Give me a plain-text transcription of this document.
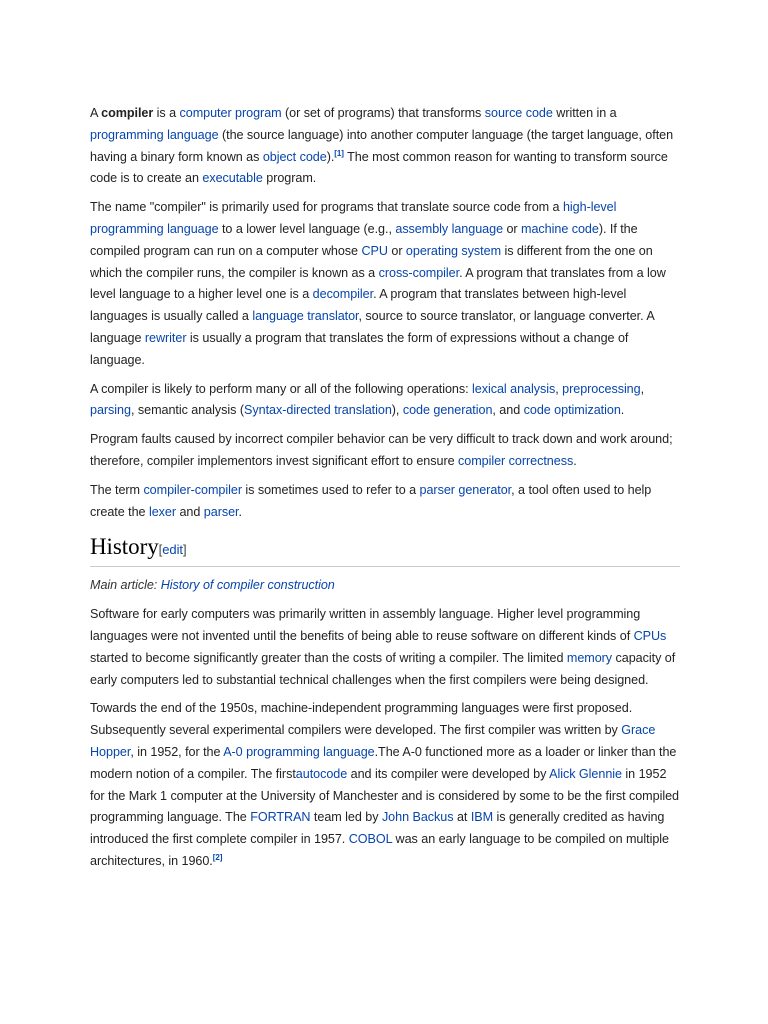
A compiler is a computer program (or set of programs) that transforms source code written in a programming language (the source language) into another computer language (the target language, often having a binary form known as object code).[1] The most common reason for wanting to transform source code is to create an executable program.

The name "compiler" is primarily used for programs that translate source code from a high-level programming language to a lower level language (e.g., assembly language or machine code). If the compiled program can run on a computer whose CPU or operating system is different from the one on which the compiler runs, the compiler is known as a cross-compiler. A program that translates from a low level language to a higher level one is a decompiler. A program that translates between high-level languages is usually called a language translator, source to source translator, or language converter. A language rewriter is usually a program that translates the form of expressions without a change of language.

A compiler is likely to perform many or all of the following operations: lexical analysis, preprocessing, parsing, semantic analysis (Syntax-directed translation), code generation, and code optimization.

Program faults caused by incorrect compiler behavior can be very difficult to track down and work around; therefore, compiler implementors invest significant effort to ensure compiler correctness.

The term compiler-compiler is sometimes used to refer to a parser generator, a tool often used to help create the lexer and parser.

History[edit]
Main article: History of compiler construction

Software for early computers was primarily written in assembly language. Higher level programming languages were not invented until the benefits of being able to reuse software on different kinds of CPUs started to become significantly greater than the costs of writing a compiler. The limited memory capacity of early computers led to substantial technical challenges when the first compilers were being designed.

Towards the end of the 1950s, machine-independent programming languages were first proposed. Subsequently several experimental compilers were developed. The first compiler was written by Grace Hopper, in 1952, for the A-0 programming language.The A-0 functioned more as a loader or linker than the modern notion of a compiler. The firstautocode and its compiler were developed by Alick Glennie in 1952 for the Mark 1 computer at the University of Manchester and is considered by some to be the first compiled programming language. The FORTRAN team led by John Backus at IBM is generally credited as having introduced the first complete compiler in 1957. COBOL was an early language to be compiled on multiple architectures, in 1960.[2]
